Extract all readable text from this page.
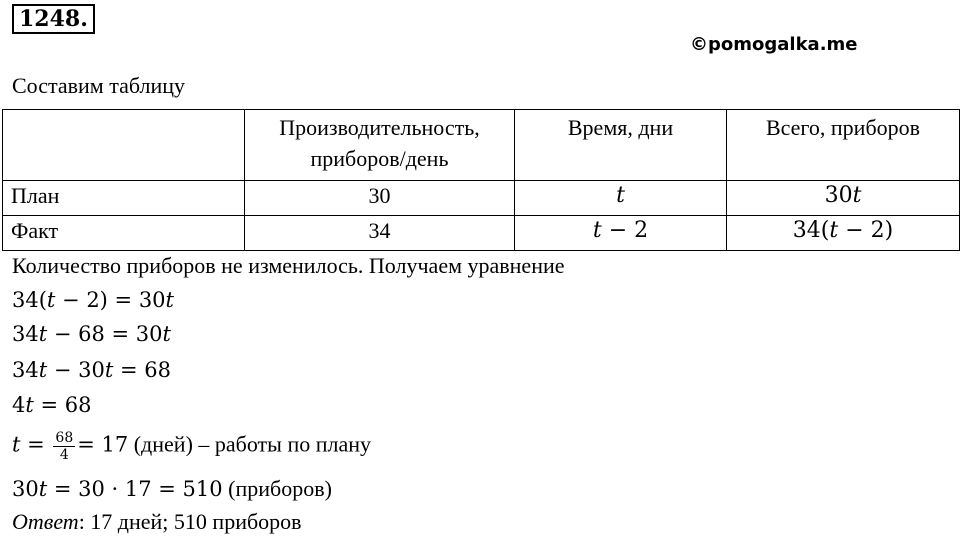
1248.
©pomogalka.me
Составим таблицу
	Производительность,
приборов/день	Время, дни	Всего, приборов
План	30	t	30t
Факт	34	t − 2	34(t − 2)
Количество приборов не изменилось. Получаем уравнение
34(t − 2) = 30t
34t − 68 = 30t
34t − 30t = 68
4t = 68
$t = \frac{68}{4} = 17$ (дней) – работы по плану
30t = 30 · 17 = 510 (приборов)
Ответ: 17 дней; 510 приборов
